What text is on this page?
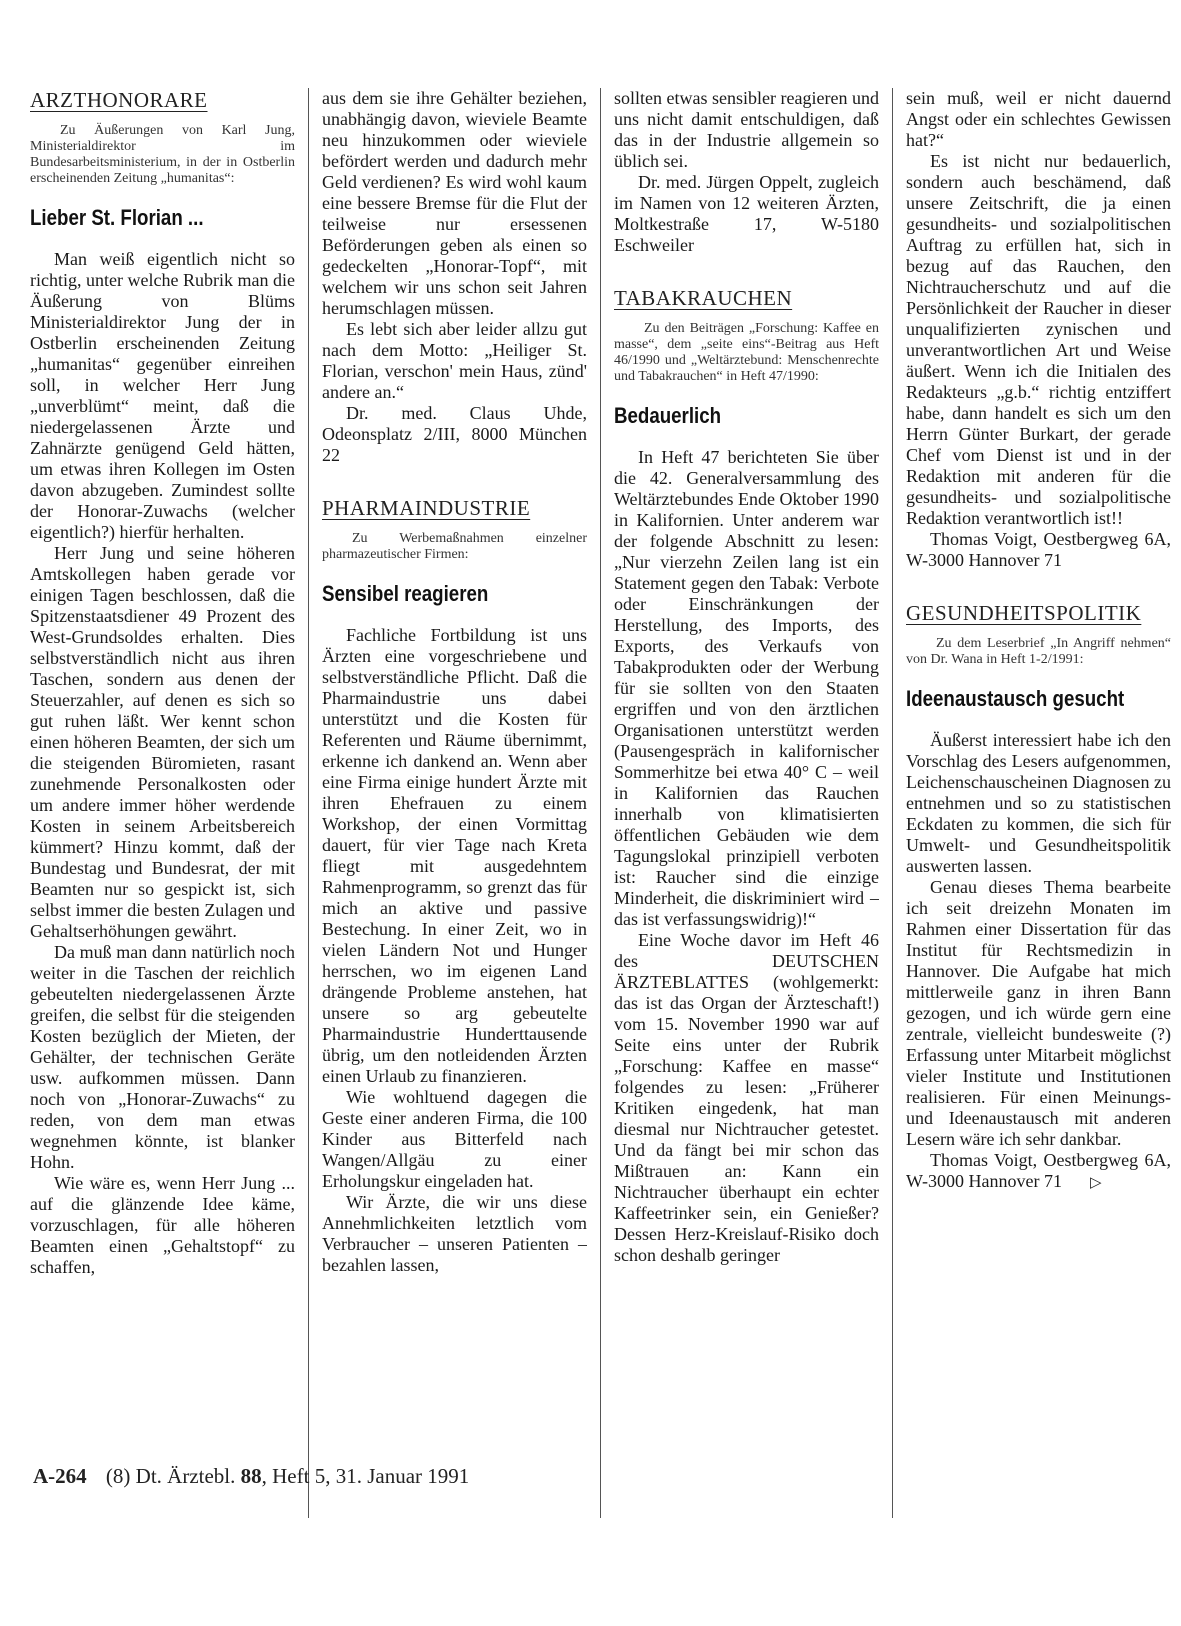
ARZTHONORARE

Zu Äußerungen von Karl Jung, Ministerialdirektor im Bundesarbeitsministerium, in der in Ostberlin erscheinenden Zeitung „humanitas“:

Lieber St. Florian ...

Man weiß eigentlich nicht so richtig, unter welche Rubrik man die Äußerung von Blüms Ministerialdirektor Jung der in Ostberlin erscheinenden Zeitung „humanitas“ gegenüber einreihen soll, in welcher Herr Jung „unverblümt“ meint, daß die niedergelassenen Ärzte und Zahnärzte genügend Geld hätten, um etwas ihren Kollegen im Osten davon abzugeben. Zumindest sollte der Honorar-Zuwachs (welcher eigentlich?) hierfür herhalten.

Herr Jung und seine höheren Amtskollegen haben gerade vor einigen Tagen beschlossen, daß die Spitzenstaatsdiener 49 Prozent des West-Grundsoldes erhalten. Dies selbstverständlich nicht aus ihren Taschen, sondern aus denen der Steuerzahler, auf denen es sich so gut ruhen läßt. Wer kennt schon einen höheren Beamten, der sich um die steigenden Büromieten, rasant zunehmende Personalkosten oder um andere immer höher werdende Kosten in seinem Arbeitsbereich kümmert? Hinzu kommt, daß der Bundestag und Bundesrat, der mit Beamten nur so gespickt ist, sich selbst immer die besten Zulagen und Gehaltserhöhungen gewährt.

Da muß man dann natürlich noch weiter in die Taschen der reichlich gebeutelten niedergelassenen Ärzte greifen, die selbst für die steigenden Kosten bezüglich der Mieten, der Gehälter, der technischen Geräte usw. aufkommen müssen. Dann noch von „Honorar-Zuwachs“ zu reden, von dem man etwas wegnehmen könnte, ist blanker Hohn.

Wie wäre es, wenn Herr Jung ... auf die glänzende Idee käme, vorzuschlagen, für alle höheren Beamten einen „Gehaltstopf“ zu schaffen,

aus dem sie ihre Gehälter beziehen, unabhängig davon, wieviele Beamte neu hinzukommen oder wieviele befördert werden und dadurch mehr Geld verdienen? Es wird wohl kaum eine bessere Bremse für die Flut der teilweise nur ersessenen Beförderungen geben als einen so gedeckelten „Honorar-Topf“, mit welchem wir uns schon seit Jahren herumschlagen müssen.

Es lebt sich aber leider allzu gut nach dem Motto: „Heiliger St. Florian, verschon' mein Haus, zünd' andere an.“

Dr. med. Claus Uhde, Odeonsplatz 2/III, 8000 München 22

PHARMAINDUSTRIE

Zu Werbemaßnahmen einzelner pharmazeutischer Firmen:

Sensibel reagieren

Fachliche Fortbildung ist uns Ärzten eine vorgeschriebene und selbstverständliche Pflicht. Daß die Pharmaindustrie uns dabei unterstützt und die Kosten für Referenten und Räume übernimmt, erkenne ich dankend an. Wenn aber eine Firma einige hundert Ärzte mit ihren Ehefrauen zu einem Workshop, der einen Vormittag dauert, für vier Tage nach Kreta fliegt mit ausgedehntem Rahmenprogramm, so grenzt das für mich an aktive und passive Bestechung. In einer Zeit, wo in vielen Ländern Not und Hunger herrschen, wo im eigenen Land drängende Probleme anstehen, hat unsere so arg gebeutelte Pharmaindustrie Hunderttausende übrig, um den notleidenden Ärzten einen Urlaub zu finanzieren.

Wie wohltuend dagegen die Geste einer anderen Firma, die 100 Kinder aus Bitterfeld nach Wangen/Allgäu zu einer Erholungskur eingeladen hat.

Wir Ärzte, die wir uns diese Annehmlichkeiten letztlich vom Verbraucher – unseren Patienten – bezahlen lassen,

sollten etwas sensibler reagieren und uns nicht damit entschuldigen, daß das in der Industrie allgemein so üblich sei.

Dr. med. Jürgen Oppelt, zugleich im Namen von 12 weiteren Ärzten, Moltkestraße 17, W-5180 Eschweiler

TABAKRAUCHEN

Zu den Beiträgen „Forschung: Kaffee en masse“, dem „seite eins“-Beitrag aus Heft 46/1990 und „Weltärztebund: Menschenrechte und Tabakrauchen“ in Heft 47/1990:

Bedauerlich

In Heft 47 berichteten Sie über die 42. Generalversammlung des Weltärztebundes Ende Oktober 1990 in Kalifornien. Unter anderem war der folgende Abschnitt zu lesen: „Nur vierzehn Zeilen lang ist ein Statement gegen den Tabak: Verbote oder Einschränkungen der Herstellung, des Imports, des Exports, des Verkaufs von Tabakprodukten oder der Werbung für sie sollten von den Staaten ergriffen und von den ärztlichen Organisationen unterstützt werden (Pausengespräch in kalifornischer Sommerhitze bei etwa 40° C – weil in Kalifornien das Rauchen innerhalb von klimatisierten öffentlichen Gebäuden wie dem Tagungslokal prinzipiell verboten ist: Raucher sind die einzige Minderheit, die diskriminiert wird – das ist verfassungswidrig)!“

Eine Woche davor im Heft 46 des DEUTSCHEN ÄRZTEBLATTES (wohlgemerkt: das ist das Organ der Ärzteschaft!) vom 15. November 1990 war auf Seite eins unter der Rubrik „Forschung: Kaffee en masse“ folgendes zu lesen: „Früherer Kritiken eingedenk, hat man diesmal nur Nichtraucher getestet. Und da fängt bei mir schon das Mißtrauen an: Kann ein Nichtraucher überhaupt ein echter Kaffeetrinker sein, ein Genießer? Dessen Herz-Kreislauf-Risiko doch schon deshalb geringer

sein muß, weil er nicht dauernd Angst oder ein schlechtes Gewissen hat?“

Es ist nicht nur bedauerlich, sondern auch beschämend, daß unsere Zeitschrift, die ja einen gesundheits- und sozialpolitischen Auftrag zu erfüllen hat, sich in bezug auf das Rauchen, den Nichtraucherschutz und auf die Persönlichkeit der Raucher in dieser unqualifizierten zynischen und unverantwortlichen Art und Weise äußert. Wenn ich die Initialen des Redakteurs „g.b.“ richtig entziffert habe, dann handelt es sich um den Herrn Günter Burkart, der gerade Chef vom Dienst ist und in der Redaktion mit anderen für die gesundheits- und sozialpolitische Redaktion verantwortlich ist!!

Thomas Voigt, Oestbergweg 6A, W-3000 Hannover 71

GESUNDHEITSPOLITIK

Zu dem Leserbrief „In Angriff nehmen“ von Dr. Wana in Heft 1-2/1991:

Ideenaustausch gesucht

Äußerst interessiert habe ich den Vorschlag des Lesers aufgenommen, Leichenschauscheinen Diagnosen zu entnehmen und so zu statistischen Eckdaten zu kommen, die sich für Umwelt- und Gesundheitspolitik auswerten lassen.

Genau dieses Thema bearbeite ich seit dreizehn Monaten im Rahmen einer Dissertation für das Institut für Rechtsmedizin in Hannover. Die Aufgabe hat mich mittlerweile ganz in ihren Bann gezogen, und ich würde gern eine zentrale, vielleicht bundesweite (?) Erfassung unter Mitarbeit möglichst vieler Institute und Institutionen realisieren. Für einen Meinungs- und Ideenaustausch mit anderen Lesern wäre ich sehr dankbar.

Thomas Voigt, Oestbergweg 6A, W-3000 Hannover 71 ▷

A-264 (8) Dt. Ärztebl. 88, Heft 5, 31. Januar 1991
